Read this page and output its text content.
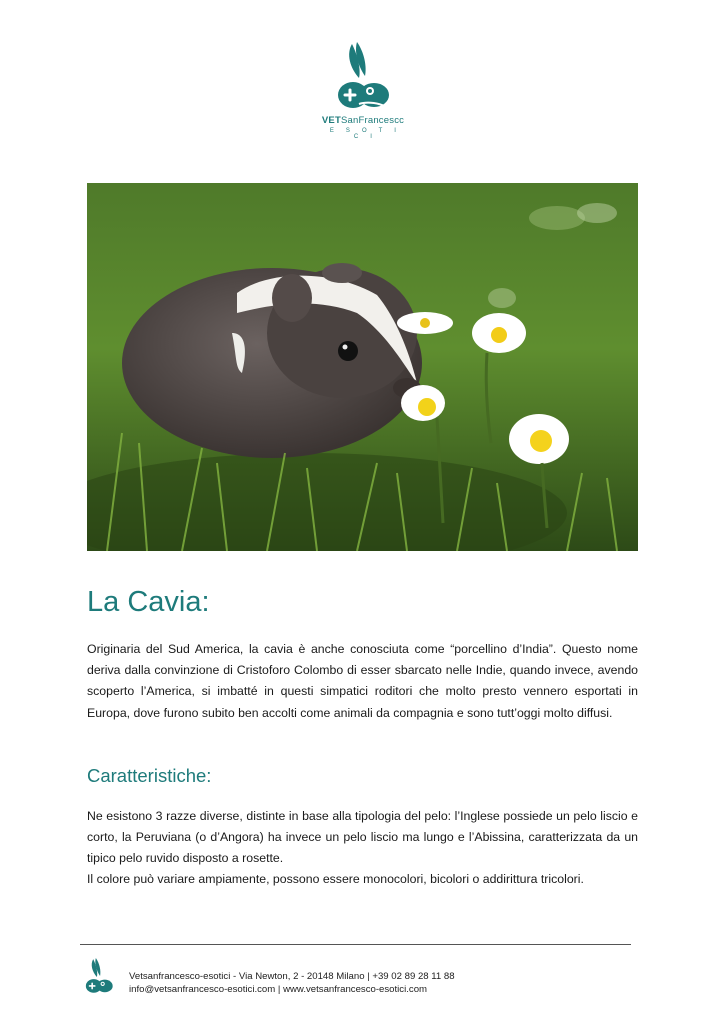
VETSanFrancescc
E S O T I C I
La Cavia:

Originaria del Sud America, la cavia è anche conosciuta come “porcellino d’India”. Questo nome deriva dalla convinzione di Cristoforo Colombo di esser sbarcato nelle Indie, quando invece, avendo scoperto l’America, si imbatté in questi simpatici roditori che molto presto vennero esportati in Europa, dove furono subito ben accolti come animali da compagnia e sono tutt’oggi molto diffusi.

Caratteristiche:

Ne esistono 3 razze diverse, distinte in base alla tipologia del pelo: l’Inglese possiede un pelo liscio e corto, la Peruviana (o d’Angora) ha invece un pelo liscio ma lungo e l’Abissina, caratterizzata da un tipico pelo ruvido disposto a rosette.

Il colore può variare ampiamente, possono essere monocolori, bicolori o addirittura tricolori.

Vetsanfrancesco-esotici - Via Newton, 2 - 20148 Milano | +39 02 89 28 11 88
info@vetsanfrancesco-esotici.com | www.vetsanfrancesco-esotici.com
